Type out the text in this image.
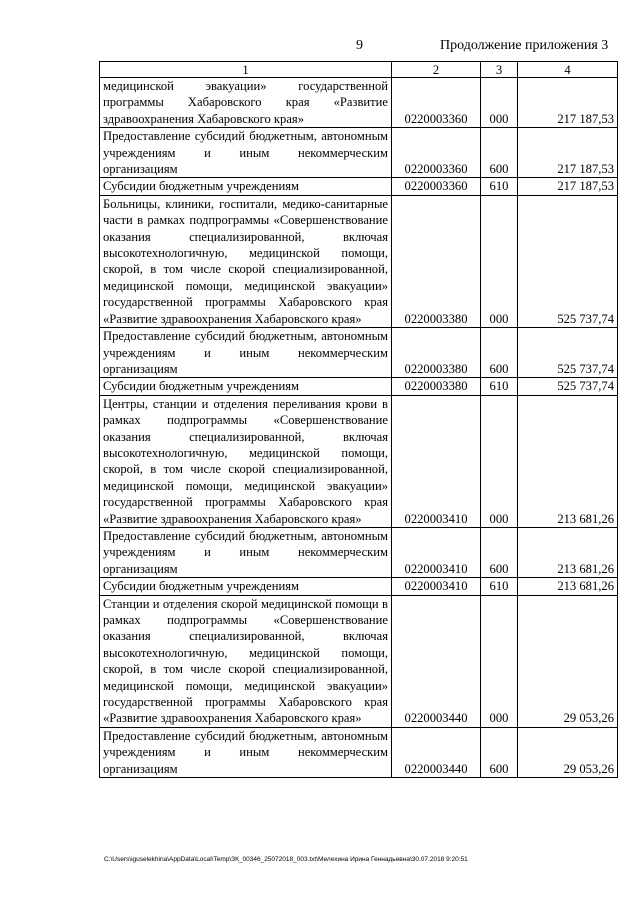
9	Продолжение приложения 3
1	2	3	4
медицинской эвакуации» государственной программы Хабаровского края «Развитие здравоохранения Хабаровского края»	0220003360	000	217 187,53
Предоставление субсидий бюджетным, автономным учреждениям и иным некоммерческим организациям	0220003360	600	217 187,53
Субсидии бюджетным учреждениям	0220003360	610	217 187,53
Больницы, клиники, госпитали, медико-санитарные части в рамках подпрограммы «Совершенствование оказания специализированной, включая высокотехнологичную, медицинской помощи, скорой, в том числе скорой специализированной, медицинской помощи, медицинской эвакуации» государственной программы Хабаровского края «Развитие здравоохранения Хабаровского края»	0220003380	000	525 737,74
Предоставление субсидий бюджетным, автономным учреждениям и иным некоммерческим организациям	0220003380	600	525 737,74
Субсидии бюджетным учреждениям	0220003380	610	525 737,74
Центры, станции и отделения переливания крови в рамках подпрограммы «Совершенствование оказания специализированной, включая высокотехнологичную, медицинской помощи, скорой, в том числе скорой специализированной, медицинской помощи, медицинской эвакуации» государственной программы Хабаровского края «Развитие здравоохранения Хабаровского края»	0220003410	000	213 681,26
Предоставление субсидий бюджетным, автономным учреждениям и иным некоммерческим организациям	0220003410	600	213 681,26
Субсидии бюджетным учреждениям	0220003410	610	213 681,26
Станции и отделения скорой медицинской помощи в рамках подпрограммы «Совершенствование оказания специализированной, включая высокотехнологичную, медицинской помощи, скорой, в том числе скорой специализированной, медицинской помощи, медицинской эвакуации» государственной программы Хабаровского края «Развитие здравоохранения Хабаровского края»	0220003440	000	29 053,26
Предоставление субсидий бюджетным, автономным учреждениям и иным некоммерческим организациям	0220003440	600	29 053,26
C:\Users\iguselekhina\AppData\Local\Temp\ЗК_00346_25072018_003.txt\Мелехина Ирина Геннадьевна\30.07.2018 9:20:51
